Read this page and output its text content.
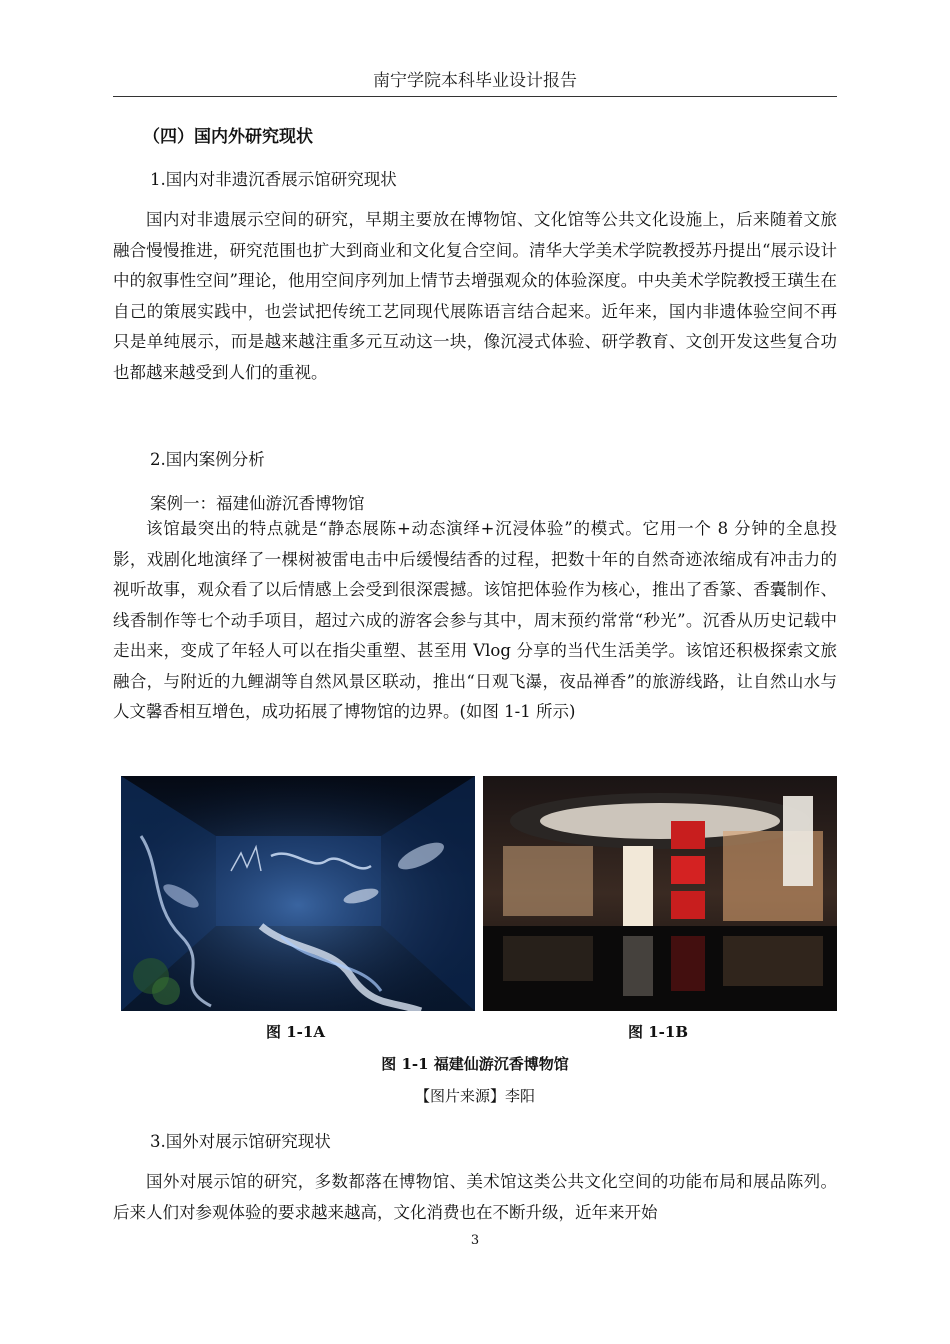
南宁学院本科毕业设计报告
（四）国内外研究现状
1.国内对非遗沉香展示馆研究现状

国内对非遗展示空间的研究，早期主要放在博物馆、文化馆等公共文化设施上，后来随着文旅融合慢慢推进，研究范围也扩大到商业和文化复合空间。清华大学美术学院教授苏丹提出“展示设计中的叙事性空间”理论，他用空间序列加上情节去增强观众的体验深度。中央美术学院教授王璜生在自己的策展实践中，也尝试把传统工艺同现代展陈语言结合起来。近年来，国内非遗体验空间不再只是单纯展示，而是越来越注重多元互动这一块，像沉浸式体验、研学教育、文创开发这些复合功也都越来越受到人们的重视。

2.国内案例分析
案例一：福建仙游沉香博物馆

该馆最突出的特点就是“静态展陈+动态演绎+沉浸体验”的模式。它用一个 8 分钟的全息投影，戏剧化地演绎了一棵树被雷电击中后缓慢结香的过程，把数十年的自然奇迹浓缩成有冲击力的视听故事，观众看了以后情感上会受到很深震撼。该馆把体验作为核心，推出了香篆、香囊制作、线香制作等七个动手项目，超过六成的游客会参与其中，周末预约常常“秒光”。沉香从历史记载中走出来，变成了年轻人可以在指尖重塑、甚至用 Vlog 分享的当代生活美学。该馆还积极探索文旅融合，与附近的九鲤湖等自然风景区联动，推出“日观飞瀑，夜品禅香”的旅游线路，让自然山水与人文馨香相互增色，成功拓展了博物馆的边界。(如图 1-1 所示)

图 1-1A	图 1-1B
图 1-1 福建仙游沉香博物馆
【图片来源】李阳
3.国外对展示馆研究现状

国外对展示馆的研究，多数都落在博物馆、美术馆这类公共文化空间的功能布局和展品陈列。后来人们对参观体验的要求越来越高，文化消费也在不断升级，近年来开始

3
